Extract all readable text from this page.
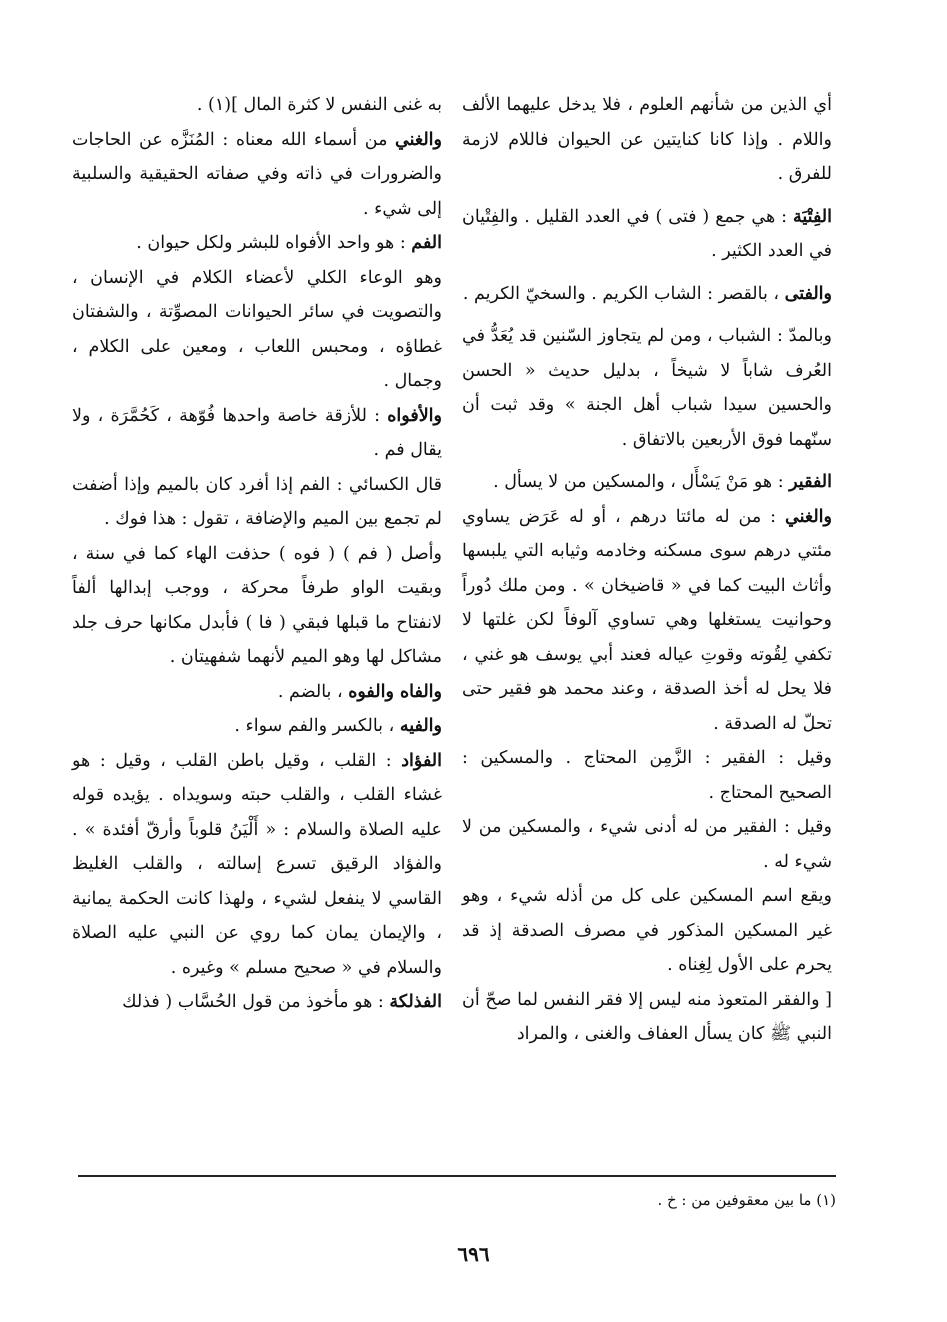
أي الذين من شأنهم العلوم ، فلا يدخل عليهما الألف واللام . وإذا كانا كنايتين عن الحيوان فاللام لازمة للفرق .

الفِتْيَة : هي جمع ( فتى ) في العدد القليل . والفِتْيان في العدد الكثير .

والفتى ، بالقصر : الشاب الكريم . والسخيّ الكريم .

وبالمدّ : الشباب ، ومن لم يتجاوز السّنين قد يُعَدُّ في العُرف شاباً لا شيخاً ، بدليل حديث « الحسن والحسين سيدا شباب أهل الجنة » وقد ثبت أن سنّهما فوق الأربعين بالاتفاق .

الفقير : هو مَنْ يَسْأَل ، والمسكين من لا يسأل .

والغني : من له مائتا درهم ، أو له عَرَض يساوي مئتي درهم سوى مسكنه وخادمه وثيابه التي يلبسها وأثاث البيت كما في « قاضيخان » . ومن ملك دُوراً وحوانيت يستغلها وهي تساوي آلوفاً لكن غلتها لا تكفي لِقُوته وقوتِ عياله فعند أبي يوسف هو غني ، فلا يحل له أخذ الصدقة ، وعند محمد هو فقير حتى تحلّ له الصدقة .

وقيل : الفقير : الزَّمِن المحتاج . والمسكين : الصحيح المحتاج .

وقيل : الفقير من له أدنى شيء ، والمسكين من لا شيء له .

ويقع اسم المسكين على كل من أذله شيء ، وهو غير المسكين المذكور في مصرف الصدقة إذ قد يحرم على الأول لِغِناه .

[ والفقر المتعوذ منه ليس إلا فقر النفس لما صحّ أن النبي ﷺ كان يسأل العفاف والغنى ، والمراد

به غنى النفس لا كثرة المال ](١) .

والغني من أسماء الله معناه : المُنَزَّه عن الحاجات والضرورات في ذاته وفي صفاته الحقيقية والسلبية إلى شيء .

الفم : هو واحد الأفواه للبشر ولكل حيوان .

وهو الوعاء الكلي لأعضاء الكلام في الإنسان ، والتصويت في سائر الحيوانات المصوِّتة ، والشفتان غطاؤه ، ومحبس اللعاب ، ومعين على الكلام ، وجمال .

والأفواه : للأزقة خاصة واحدها فُوّهة ، كَحُمَّرَة ، ولا يقال فم .

قال الكسائي : الفم إذا أفرد كان بالميم وإذا أضفت لم تجمع بين الميم والإضافة ، تقول : هذا فوك .

وأصل ( فم ) ( فوه ) حذفت الهاء كما في سنة ، وبقيت الواو طرفاً محركة ، ووجب إبدالها ألفاً لانفتاح ما قبلها فبقي ( فا ) فأبدل مكانها حرف جلد مشاكل لها وهو الميم لأنهما شفهيتان .

والفاه والفوه ، بالضم .

والفيه ، بالكسر والفم سواء .

الفؤاد : القلب ، وقيل باطن القلب ، وقيل : هو غشاء القلب ، والقلب حبته وسويداه . يؤيده قوله عليه الصلاة والسلام : « أَلْيَنُ قلوباً وأرقّ أفئدة » . والفؤاد الرقيق تسرع إسالته ، والقلب الغليظ القاسي لا ينفعل لشيء ، ولهذا كانت الحكمة يمانية ، والإيمان يمان كما روي عن النبي عليه الصلاة والسلام في « صحيح مسلم » وغيره .

الفذلكة : هو مأخوذ من قول الحُسَّاب ( فذلك

(١) ما بين معقوفين من : خ .
٦٩٦
